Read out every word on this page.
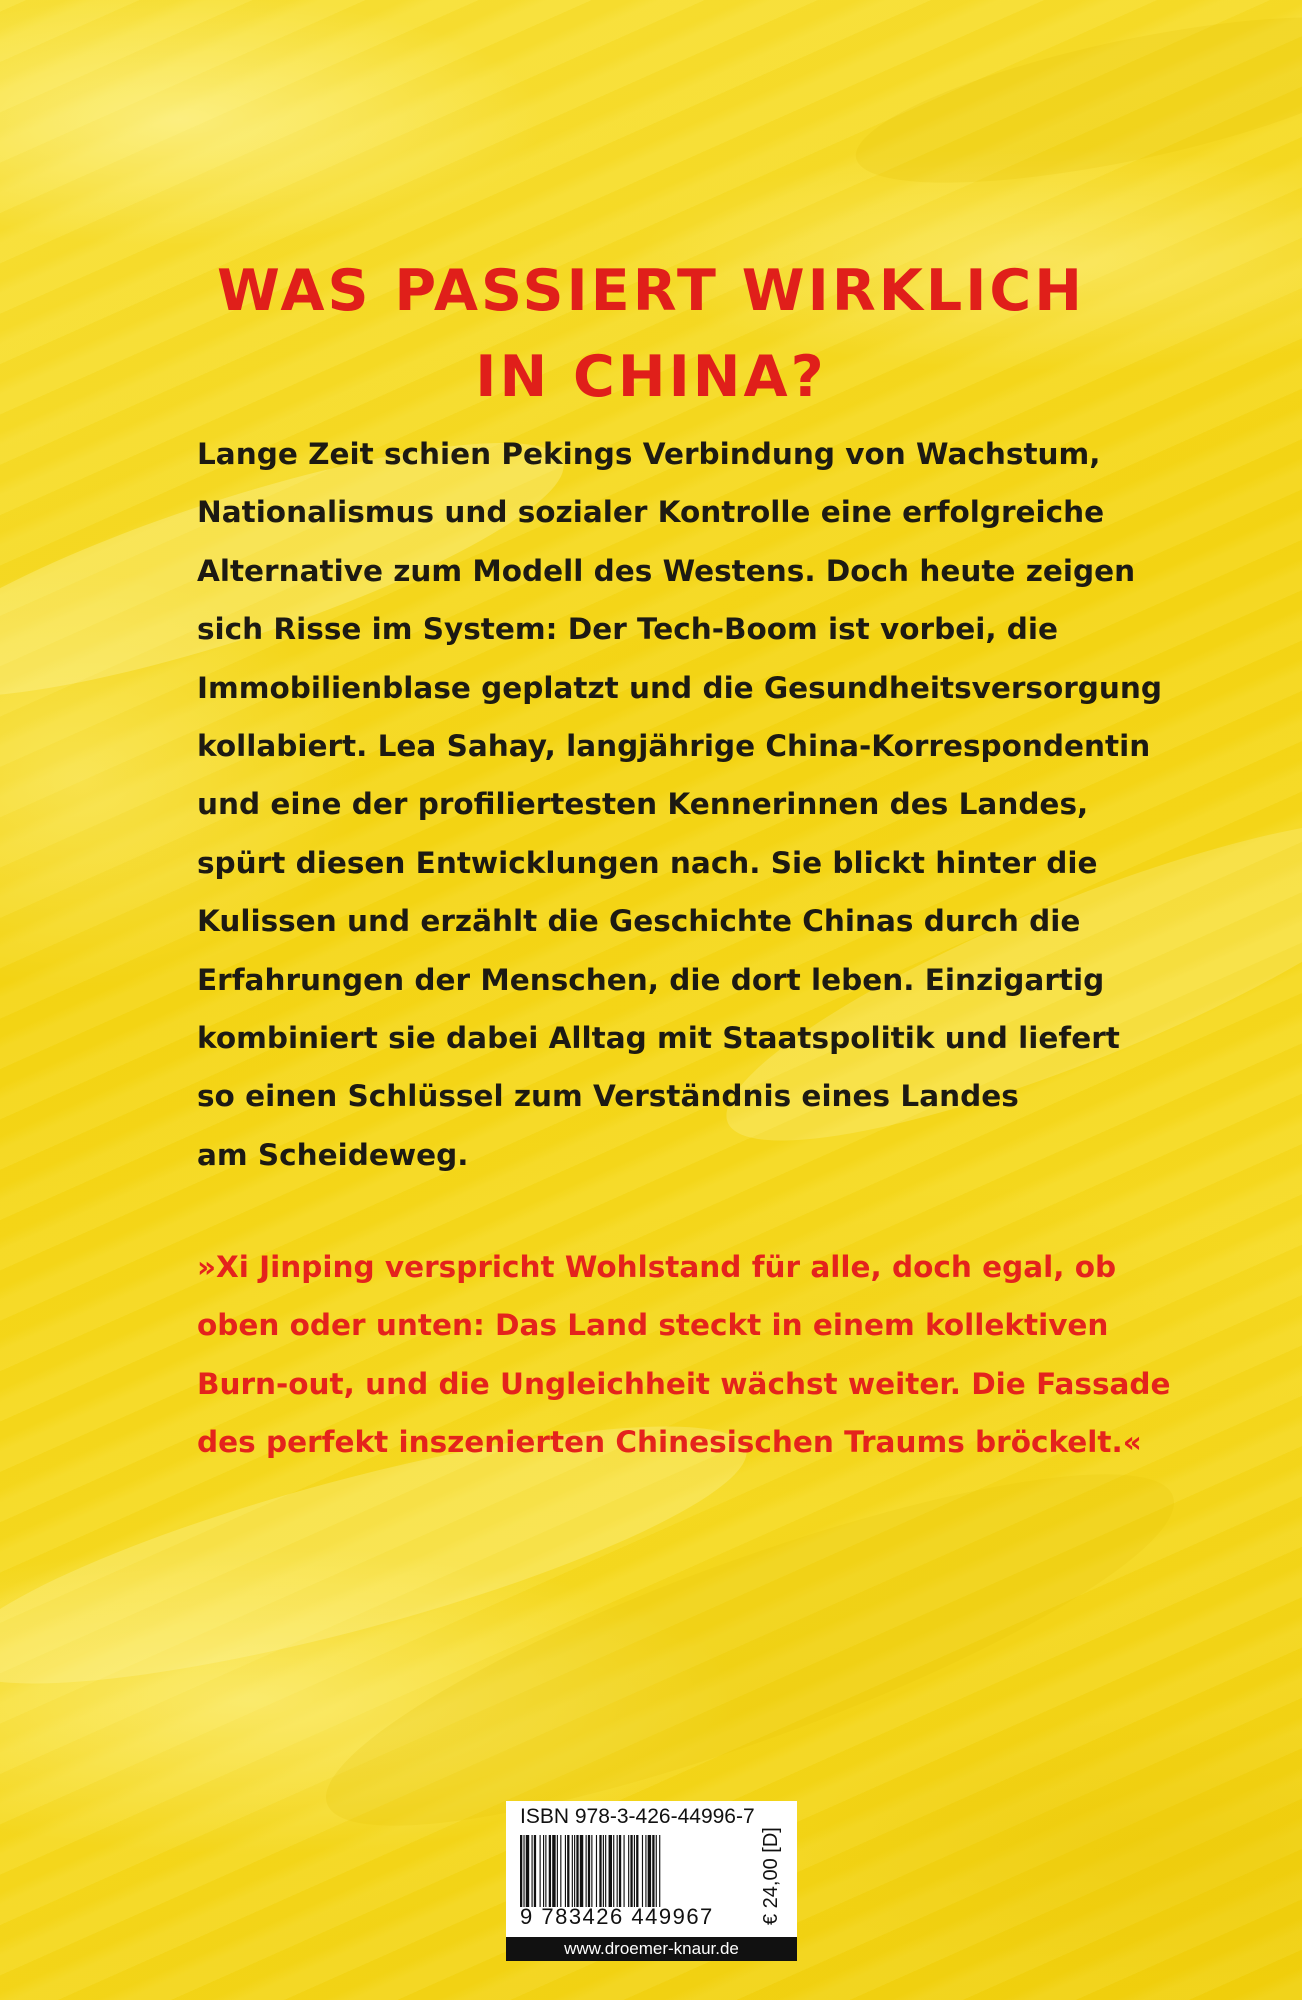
WAS PASSIERT WIRKLICH
IN CHINA?
Lange Zeit schien Pekings Verbindung von Wachstum,
Nationalismus und sozialer Kontrolle eine erfolgreiche
Alternative zum Modell des Westens. Doch heute zeigen
sich Risse im System: Der Tech-Boom ist vorbei, die
Immobilienblase geplatzt und die Gesundheitsversorgung
kollabiert. Lea Sahay, langjährige China-Korrespondentin
und eine der profiliertesten Kennerinnen des Landes,
spürt diesen Entwicklungen nach. Sie blickt hinter die
Kulissen und erzählt die Geschichte Chinas durch die
Erfahrungen der Menschen, die dort leben. Einzigartig
kombiniert sie dabei Alltag mit Staatspolitik und liefert
so einen Schlüssel zum Verständnis eines Landes
am Scheideweg.
»Xi Jinping verspricht Wohlstand für alle, doch egal, ob
oben oder unten: Das Land steckt in einem kollektiven
Burn-out, und die Ungleichheit wächst weiter. Die Fassade
des perfekt inszenierten Chinesischen Traums bröckelt.«
ISBN 978-3-426-44996-7
9 783426 449967	€ 24,00 [D]
www.droemer-knaur.de
